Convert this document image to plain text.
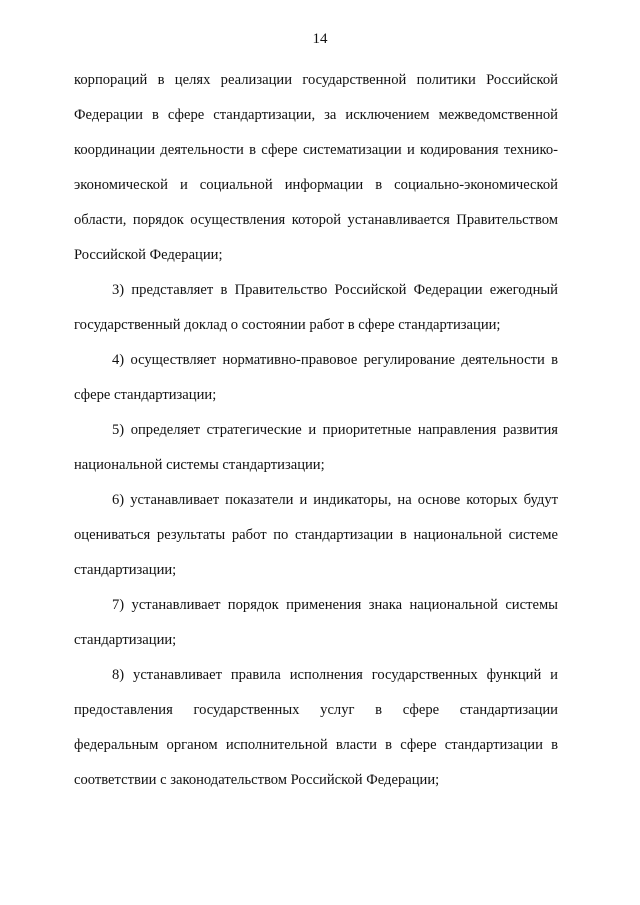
14

корпораций в целях реализации государственной политики Российской Федерации в сфере стандартизации, за исключением межведомственной координации деятельности в сфере систематизации и кодирования технико-экономической и социальной информации в социально-экономической области, порядок осуществления которой устанавливается Правительством Российской Федерации;

3) представляет в Правительство Российской Федерации ежегодный государственный доклад о состоянии работ в сфере стандартизации;

4) осуществляет нормативно-правовое регулирование деятельности в сфере стандартизации;

5) определяет стратегические и приоритетные направления развития национальной системы стандартизации;

6) устанавливает показатели и индикаторы, на основе которых будут оцениваться результаты работ по стандартизации в национальной системе стандартизации;

7) устанавливает порядок применения знака национальной системы стандартизации;

8) устанавливает правила исполнения государственных функций и предоставления государственных услуг в сфере стандартизации федеральным органом исполнительной власти в сфере стандартизации в соответствии с законодательством Российской Федерации;
